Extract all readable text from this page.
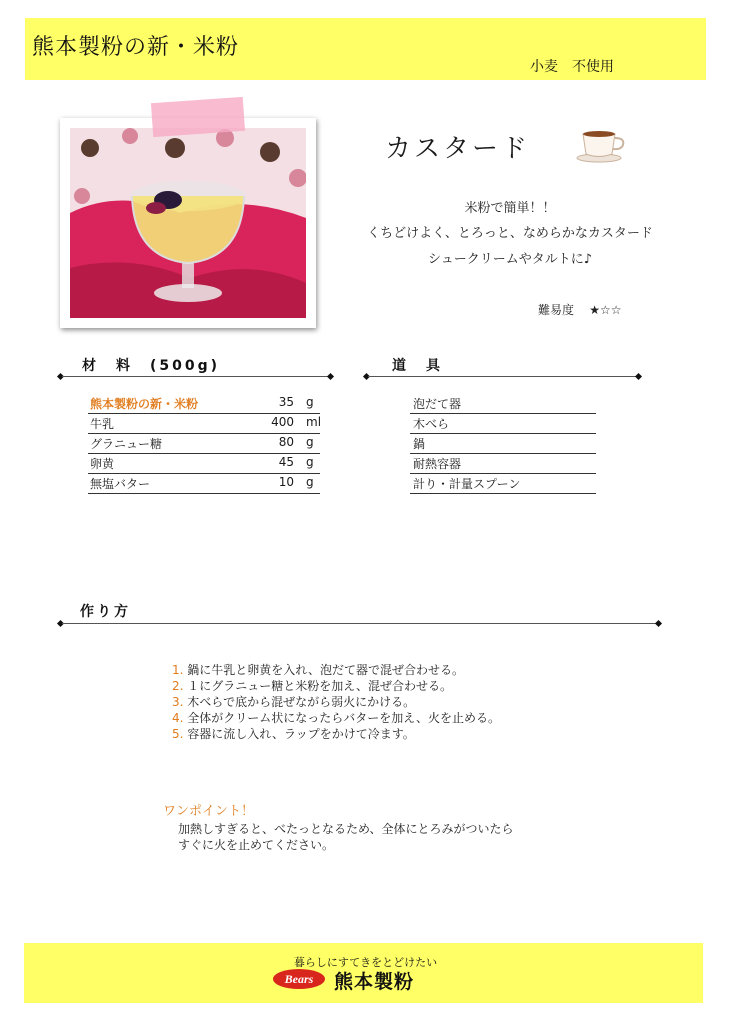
熊本製粉の新・米粉
小麦　不使用
カスタード
米粉で簡単！！
くちどけよく、とろっと、なめらかなカスタード
シュークリームやタルトに♪
難易度 ★☆☆
材　料　(500g)	道　具
熊本製粉の新・米粉	35 g
牛乳	400 ml
グラニュー糖	80 g
卵黄	45 g
無塩バター	10 g
泡だて器
木べら
鍋
耐熱容器
計り・計量スプーン
作り方
1. 鍋に牛乳と卵黄を入れ、泡だて器で混ぜ合わせる。
2. １にグラニュー糖と米粉を加え、混ぜ合わせる。
3. 木べらで底から混ぜながら弱火にかける。
4. 全体がクリーム状になったらバターを加え、火を止める。
5. 容器に流し入れ、ラップをかけて冷ます。
ワンポイント！
加熱しすぎると、べたっとなるため、全体にとろみがついたら
すぐに火を止めてください。
暮らしにすてきをとどけたい
Bears 熊本製粉
